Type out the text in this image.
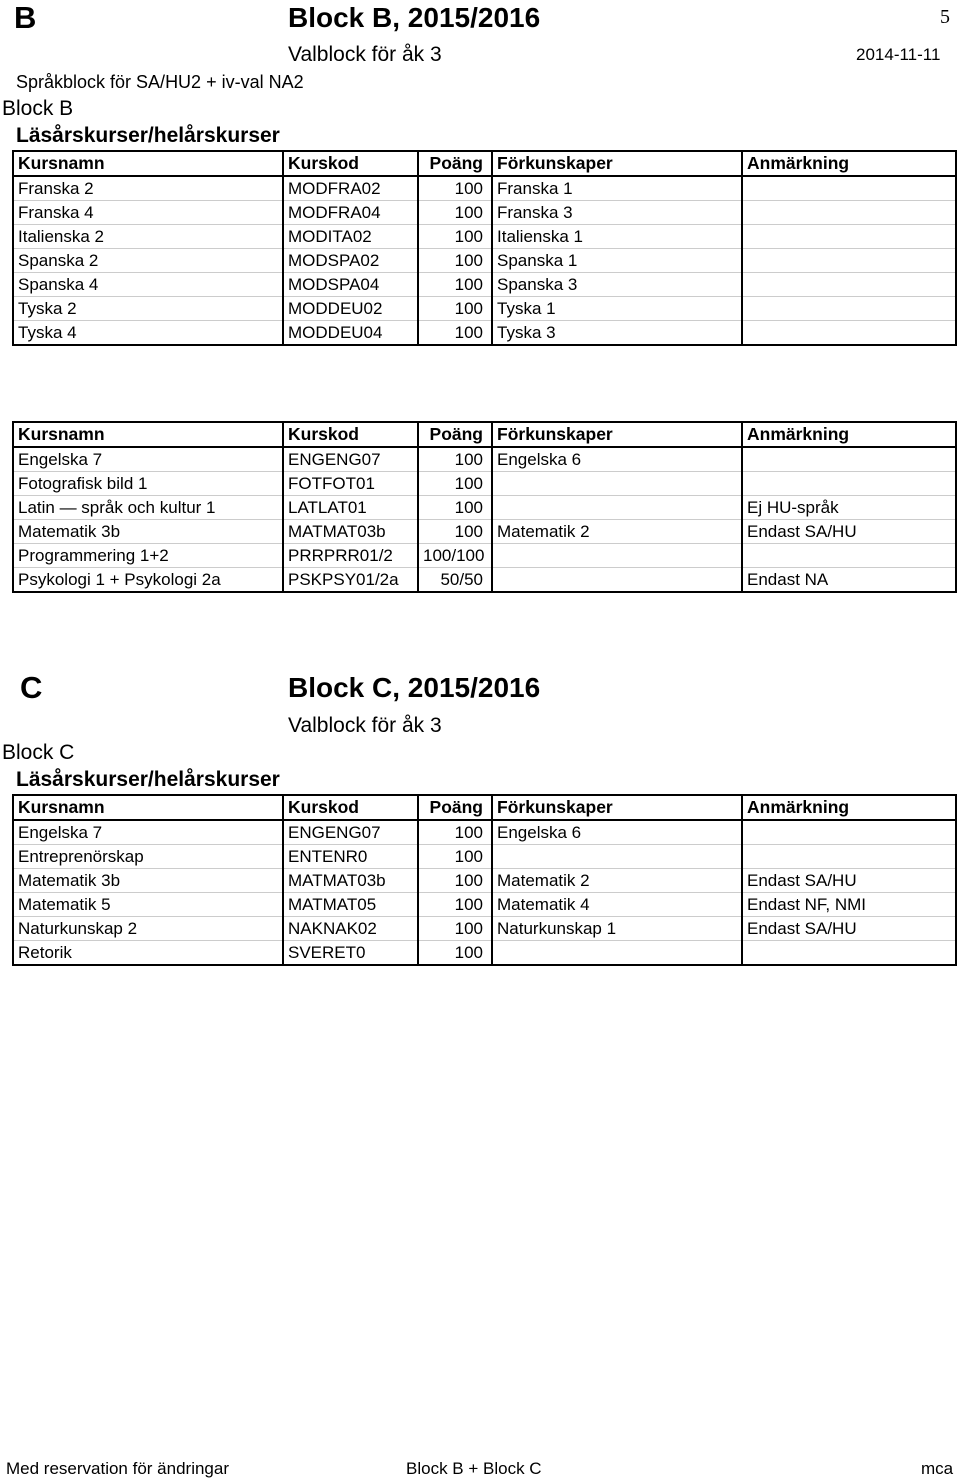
B	Block B, 2015/2016	5
Valblock för åk 3	2014-11-11
Språkblock för SA/HU2 + iv-val NA2
Block B
Läsårskurser/helårskurser
Kursnamn	Kurskod	Poäng	Förkunskaper	Anmärkning
Franska 2	MODFRA02	100	Franska 1	
Franska 4	MODFRA04	100	Franska 3	
Italienska 2	MODITA02	100	Italienska 1	
Spanska 2	MODSPA02	100	Spanska 1	
Spanska 4	MODSPA04	100	Spanska 3	
Tyska 2	MODDEU02	100	Tyska 1	
Tyska 4	MODDEU04	100	Tyska 3	
Kursnamn	Kurskod	Poäng	Förkunskaper	Anmärkning
Engelska 7	ENGENG07	100	Engelska 6	
Fotografisk bild 1	FOTFOT01	100		
Latin — språk och kultur 1	LATLAT01	100		Ej HU-språk
Matematik 3b	MATMAT03b	100	Matematik 2	Endast SA/HU
Programmering 1+2	PRRPRR01/2	100/100		
Psykologi 1 + Psykologi 2a	PSKPSY01/2a	50/50		Endast NA
C	Block C, 2015/2016
Valblock för åk 3
Block C
Läsårskurser/helårskurser
Kursnamn	Kurskod	Poäng	Förkunskaper	Anmärkning
Engelska 7	ENGENG07	100	Engelska 6	
Entreprenörskap	ENTENR0	100		
Matematik 3b	MATMAT03b	100	Matematik 2	Endast SA/HU
Matematik 5	MATMAT05	100	Matematik 4	Endast NF, NMI
Naturkunskap 2	NAKNAK02	100	Naturkunskap 1	Endast SA/HU
Retorik	SVERET0	100		
Med reservation för ändringar	Block B + Block C	mca
